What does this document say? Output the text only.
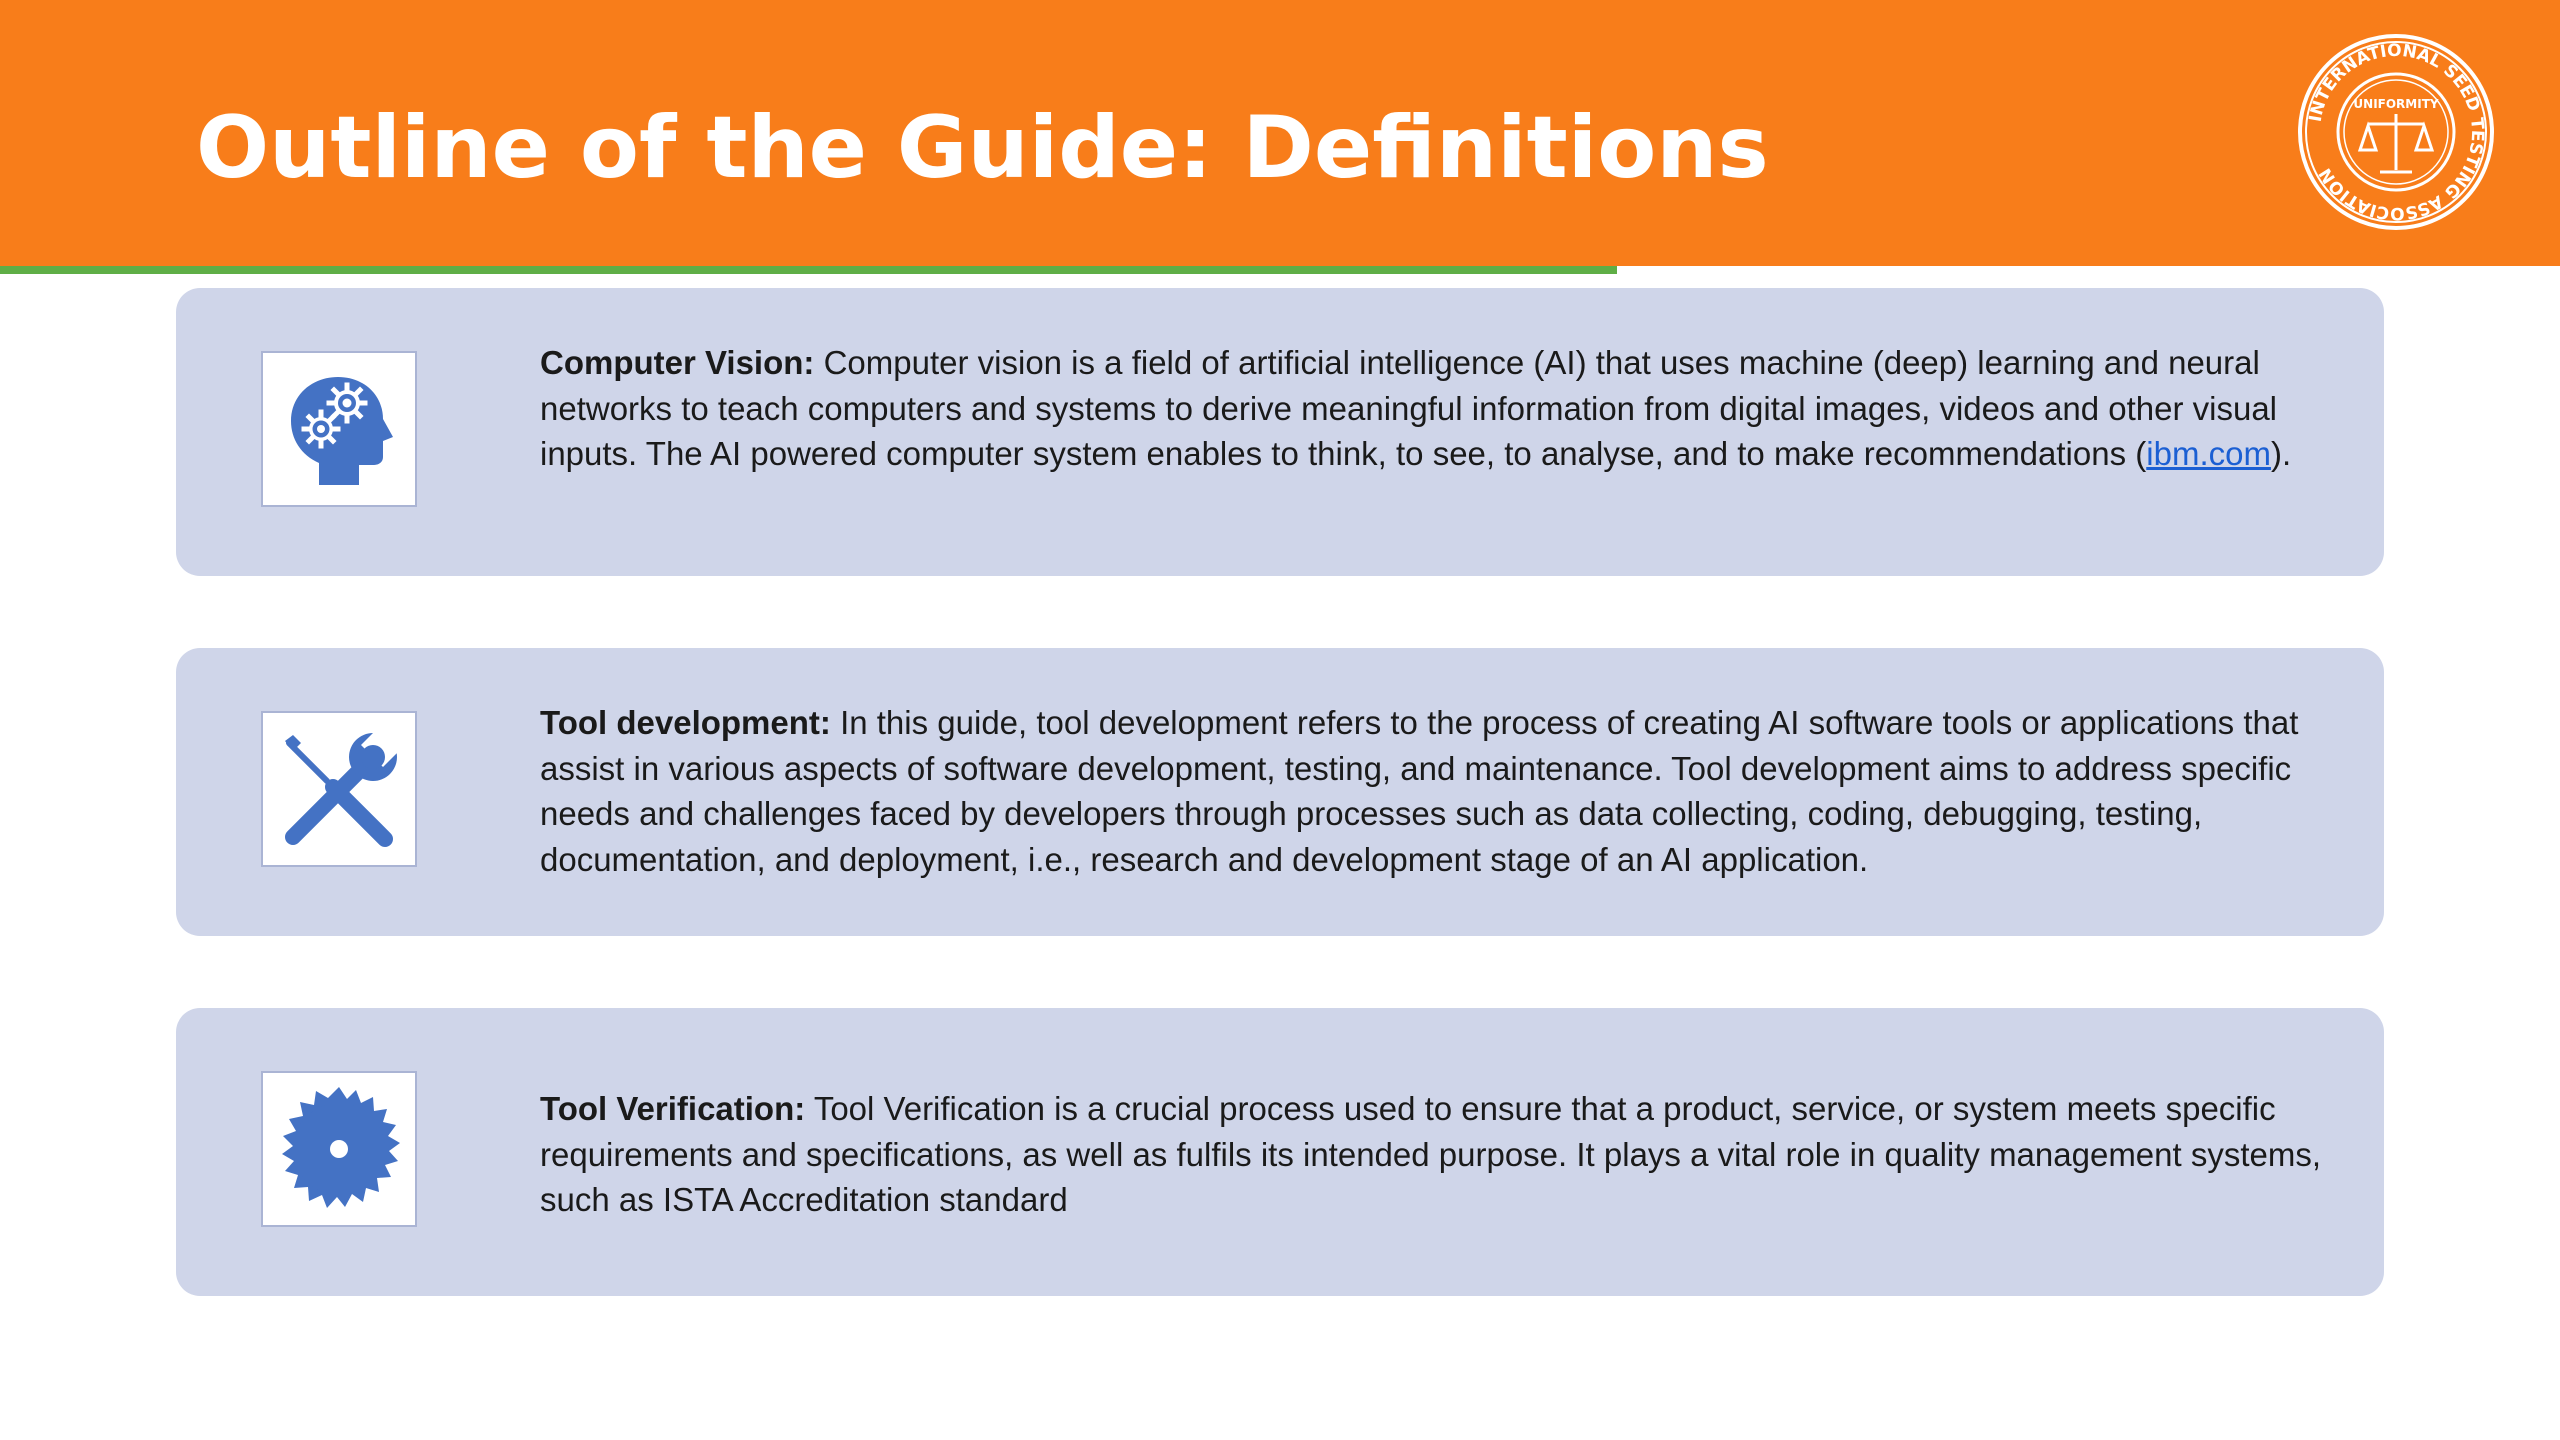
Outline of the Guide: Definitions	INTERNATIONAL SEED TESTING ASSOCIATION
UNIFORMITY
Computer Vision: Computer vision is a field of artificial intelligence (AI) that uses machine (deep) learning and neural networks to teach computers and systems to derive meaningful information from digital images, videos and other visual inputs. The AI powered computer system enables to think, to see, to analyse, and to make recommendations (ibm.com).
Tool development: In this guide, tool development refers to the process of creating AI software tools or applications that assist in various aspects of software development, testing, and maintenance. Tool development aims to address specific needs and challenges faced by developers through processes such as data collecting, coding, debugging, testing, documentation, and deployment, i.e., research and development stage of an AI application.
Tool Verification: Tool Verification is a crucial process used to ensure that a product, service, or system meets specific requirements and specifications, as well as fulfils its intended purpose. It plays a vital role in quality management systems, such as ISTA Accreditation standard
